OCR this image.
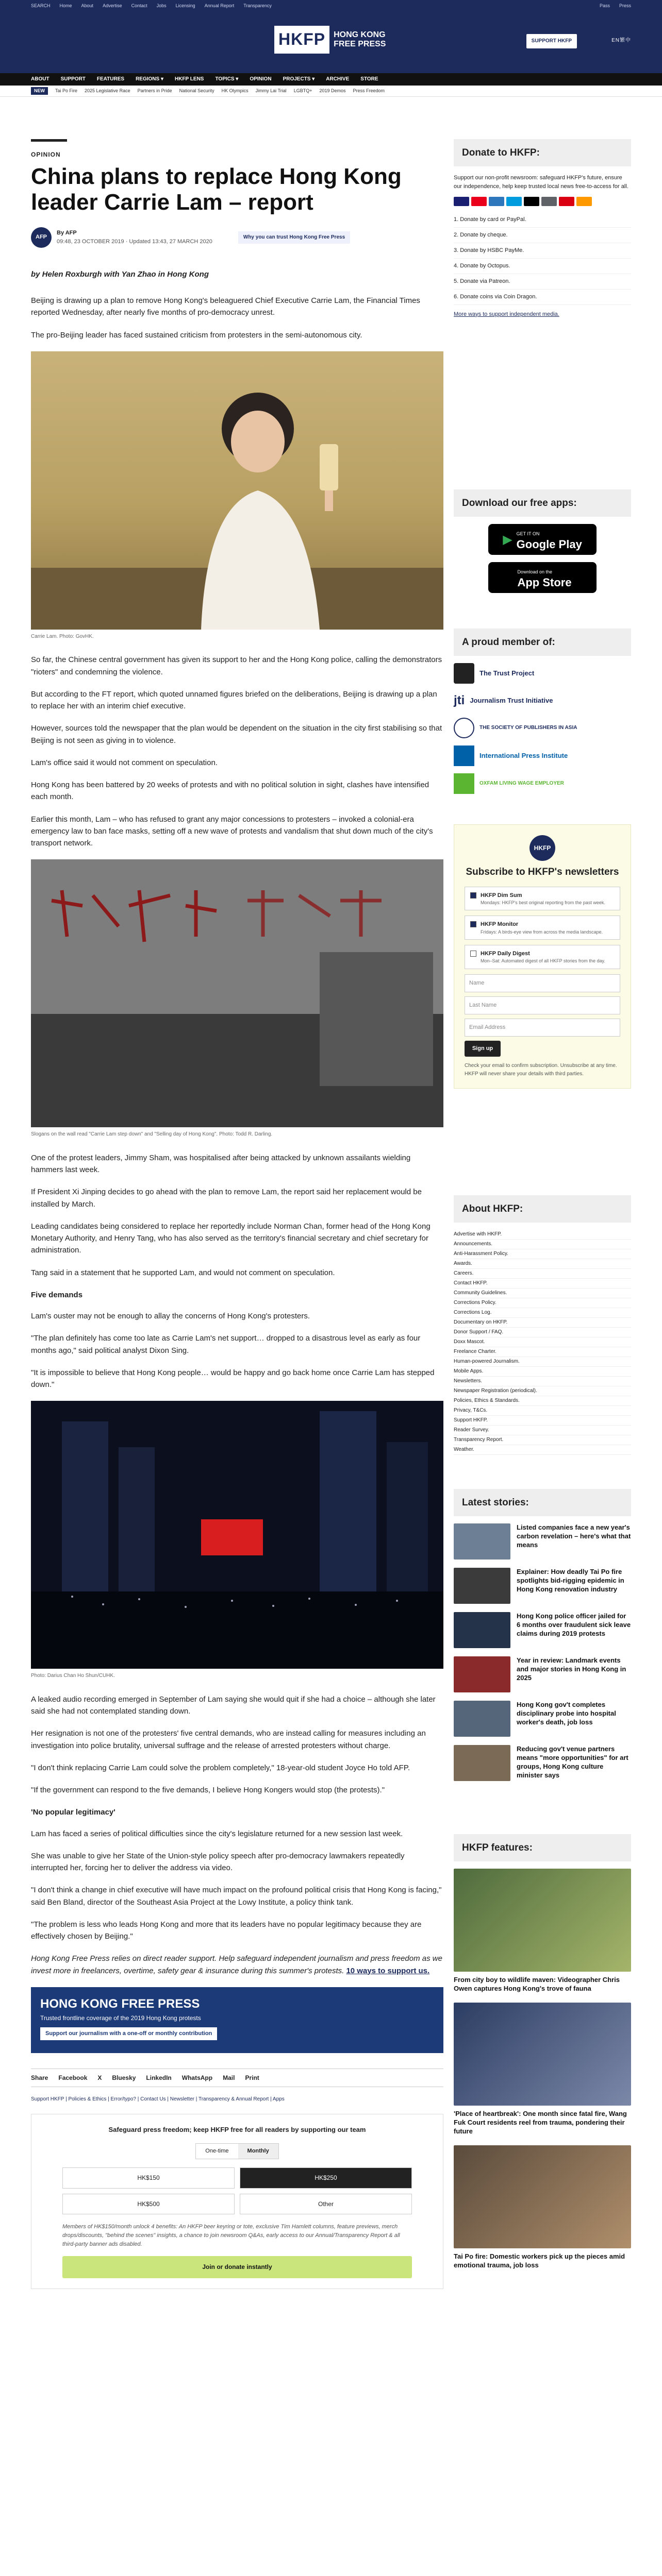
SEARCH Home About Advertise Contact Jobs Licensing Annual Report Transparency	Pass Press
HKFP	HONG KONG
FREE PRESS	SUPPORT HKFP	EN繁中
ABOUT SUPPORT FEATURES REGIONS ▾ HKFP LENS TOPICS ▾ OPINION PROJECTS ▾ ARCHIVE STORE
NEW	Tai Po Fire 2025 Legislative Race Partners in Pride National Security HK Olympics Jimmy Lai Trial LGBTQ+ 2019 Demos Press Freedom
OPINION
China plans to replace Hong Kong leader Carrie Lam – report
AFP
By AFP
09:48, 23 OCTOBER 2019 · Updated 13:43, 27 MARCH 2020
Why you can trust Hong Kong Free Press
by Helen Roxburgh with Yan Zhao in Hong Kong

Beijing is drawing up a plan to remove Hong Kong's beleaguered Chief Executive Carrie Lam, the Financial Times reported Wednesday, after nearly five months of pro-democracy unrest.

The pro-Beijing leader has faced sustained criticism from protesters in the semi-autonomous city.

Carrie Lam. Photo: GovHK.

So far, the Chinese central government has given its support to her and the Hong Kong police, calling the demonstrators "rioters" and condemning the violence.

But according to the FT report, which quoted unnamed figures briefed on the deliberations, Beijing is drawing up a plan to replace her with an interim chief executive.

However, sources told the newspaper that the plan would be dependent on the situation in the city first stabilising so that Beijing is not seen as giving in to violence.

Lam's office said it would not comment on speculation.

Hong Kong has been battered by 20 weeks of protests and with no political solution in sight, clashes have intensified each month.

Earlier this month, Lam – who has refused to grant any major concessions to protesters – invoked a colonial-era emergency law to ban face masks, setting off a new wave of protests and vandalism that shut down much of the city's transport network.

Slogans on the wall read "Carrie Lam step down" and "Selling day of Hong Kong". Photo: Todd R. Darling.

One of the protest leaders, Jimmy Sham, was hospitalised after being attacked by unknown assailants wielding hammers last week.

If President Xi Jinping decides to go ahead with the plan to remove Lam, the report said her replacement would be installed by March.

Leading candidates being considered to replace her reportedly include Norman Chan, former head of the Hong Kong Monetary Authority, and Henry Tang, who has also served as the territory's financial secretary and chief secretary for administration.

Tang said in a statement that he supported Lam, and would not comment on speculation.

Five demands

Lam's ouster may not be enough to allay the concerns of Hong Kong's protesters.

"The plan definitely has come too late as Carrie Lam's net support… dropped to a disastrous level as early as four months ago," said political analyst Dixon Sing.

"It is impossible to believe that Hong Kong people… would be happy and go back home once Carrie Lam has stepped down."

Photo: Darius Chan Ho Shun/CUHK.

A leaked audio recording emerged in September of Lam saying she would quit if she had a choice – although she later said she had not contemplated standing down.

Her resignation is not one of the protesters' five central demands, who are instead calling for measures including an investigation into police brutality, universal suffrage and the release of arrested protesters without charge.

"I don't think replacing Carrie Lam could solve the problem completely," 18-year-old student Joyce Ho told AFP.

"If the government can respond to the five demands, I believe Hong Kongers would stop (the protests)."

'No popular legitimacy'

Lam has faced a series of political difficulties since the city's legislature returned for a new session last week.

She was unable to give her State of the Union-style policy speech after pro-democracy lawmakers repeatedly interrupted her, forcing her to deliver the address via video.

"I don't think a change in chief executive will have much impact on the profound political crisis that Hong Kong is facing," said Ben Bland, director of the Southeast Asia Project at the Lowy Institute, a policy think tank.

"The problem is less who leads Hong Kong and more that its leaders have no popular legitimacy because they are effectively chosen by Beijing."

Hong Kong Free Press relies on direct reader support. Help safeguard independent journalism and press freedom as we invest more in freelancers, overtime, safety gear & insurance during this summer's protests. 10 ways to support us.

HONG KONG FREE PRESS
Trusted frontline coverage of the 2019 Hong Kong protests
Support our journalism with a one-off or monthly contribution
Share Facebook X Bluesky LinkedIn WhatsApp Mail Print
Support HKFP | Policies & Ethics | Error/typo? | Contact Us | Newsletter | Transparency & Annual Report | Apps
Safeguard press freedom; keep HKFP free for all readers by supporting our team
One-time	Monthly
HK$150	HK$250
HK$500	Other
Members of HK$150/month unlock 4 benefits: An HKFP beer keyring or tote, exclusive Tim Hamlett columns, feature previews, merch drops/discounts, "behind the scenes" insights, a chance to join newsroom Q&As, early access to our Annual/Transparency Report & all third-party banner ads disabled.
Join or donate instantly
Donate to HKFP:

Support our non-profit newsroom: safeguard HKFP's future, ensure our independence, help keep trusted local news free-to-access for all.

1. Donate by card or PayPal.
2. Donate by cheque.
3. Donate by HSBC PayMe.
4. Donate by Octopus.
5. Donate via Patreon.
6. Donate coins via Coin Dragon.

More ways to support independent media.

Download our free apps:
▶ GET IT ON
Google Play
Download on the
App Store
A proud member of:
The Trust Project
jti Journalism Trust Initiative
THE SOCIETY OF PUBLISHERS IN ASIA
International Press Institute
OXFAM LIVING WAGE EMPLOYER
HKFP
Subscribe to HKFP's newsletters
HKFP Dim Sum
Mondays: HKFP's best original reporting from the past week.
HKFP Monitor
Fridays: A birds-eye view from across the media landscape.
HKFP Daily Digest
Mon–Sat: Automated digest of all HKFP stories from the day.
Name
Last Name
Email Address
Sign up

Check your email to confirm subscription. Unsubscribe at any time. HKFP will never share your details with third parties.

About HKFP:
Advertise with HKFP.
Announcements.
Anti-Harassment Policy.
Awards.
Careers.
Contact HKFP.
Community Guidelines.
Corrections Policy.
Corrections Log.
Documentary on HKFP.
Donor Support / FAQ.
Doxx Mascot.
Freelance Charter.
Human-powered Journalism.
Mobile Apps.
Newsletters.
Newspaper Registration (periodical).
Policies, Ethics & Standards.
Privacy, T&Cs.
Support HKFP.
Reader Survey.
Transparency Report.
Weather.
Latest stories:
Listed companies face a new year's carbon revelation – here's what that means
Explainer: How deadly Tai Po fire spotlights bid-rigging epidemic in Hong Kong renovation industry
Hong Kong police officer jailed for 6 months over fraudulent sick leave claims during 2019 protests
Year in review: Landmark events and major stories in Hong Kong in 2025
Hong Kong gov't completes disciplinary probe into hospital worker's death, job loss
Reducing gov't venue partners means "more opportunities" for art groups, Hong Kong culture minister says
HKFP features:
From city boy to wildlife maven: Videographer Chris Owen captures Hong Kong's trove of fauna
'Place of heartbreak': One month since fatal fire, Wang Fuk Court residents reel from trauma, pondering their future
Tai Po fire: Domestic workers pick up the pieces amid emotional trauma, job loss
